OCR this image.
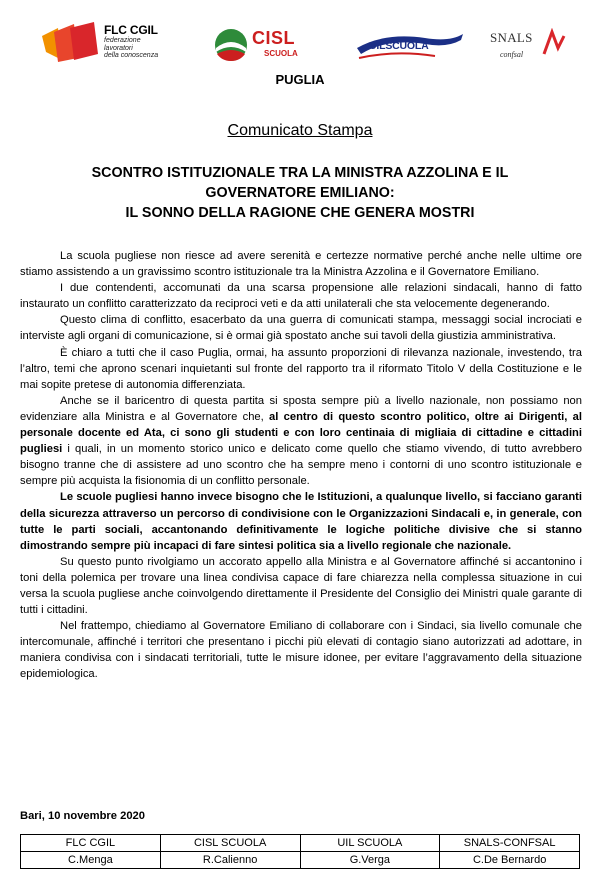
FLC CGIL
federazione
lavoratori
della conoscenza
CISL
SCUOLA
UILSCUOLA
SNALS
confsal
PUGLIA
Comunicato Stampa
SCONTRO ISTITUZIONALE TRA LA MINISTRA AZZOLINA E IL
GOVERNATORE EMILIANO:
IL SONNO DELLA RAGIONE CHE GENERA MOSTRI

La scuola pugliese non riesce ad avere serenità e certezze normative perché anche nelle ultime ore stiamo assistendo a un gravissimo scontro istituzionale tra la Ministra Azzolina e il Governatore Emiliano.

I due contendenti, accomunati da una scarsa propensione alle relazioni sindacali, hanno di fatto instaurato un conflitto caratterizzato da reciproci veti e da atti unilaterali che sta velocemente degenerando.

Questo clima di conflitto, esacerbato da una guerra di comunicati stampa, messaggi social incrociati e interviste agli organi di comunicazione, si è ormai già spostato anche sui tavoli della giustizia amministrativa.

È chiaro a tutti che il caso Puglia, ormai, ha assunto proporzioni di rilevanza nazionale, investendo, tra l’altro, temi che aprono scenari inquietanti sul fronte del rapporto tra il riformato Titolo V della Costituzione e le mai sopite pretese di autonomia differenziata.

Anche se il baricentro di questa partita si sposta sempre più a livello nazionale, non possiamo non evidenziare alla Ministra e al Governatore che, al centro di questo scontro politico, oltre ai Dirigenti, al personale docente ed Ata, ci sono gli studenti e con loro centinaia di migliaia di cittadine e cittadini pugliesi i quali, in un momento storico unico e delicato come quello che stiamo vivendo, di tutto avrebbero bisogno tranne che di assistere ad uno scontro che ha sempre meno i contorni di uno scontro istituzionale e sempre più acquista la fisionomia di un conflitto personale.

Le scuole pugliesi hanno invece bisogno che le Istituzioni, a qualunque livello, si facciano garanti della sicurezza attraverso un percorso di condivisione con le Organizzazioni Sindacali e, in generale, con tutte le parti sociali, accantonando definitivamente le logiche politiche divisive che si stanno dimostrando sempre più incapaci di fare sintesi politica sia a livello regionale che nazionale.

Su questo punto rivolgiamo un accorato appello alla Ministra e al Governatore affinché si accantonino i toni della polemica per trovare una linea condivisa capace di fare chiarezza nella complessa situazione in cui versa la scuola pugliese anche coinvolgendo direttamente il Presidente del Consiglio dei Ministri quale garante di tutti i cittadini.

Nel frattempo, chiediamo al Governatore Emiliano di collaborare con i Sindaci, sia livello comunale che intercomunale, affinché i territori che presentano i picchi più elevati di contagio siano autorizzati ad adottare, in maniera condivisa con i sindacati territoriali, tutte le misure idonee, per evitare l’aggravamento della situazione epidemiologica.

Bari, 10 novembre 2020
FLC CGIL	CISL SCUOLA	UIL SCUOLA	SNALS-CONFSAL
C.Menga	R.Calienno	G.Verga	C.De Bernardo
